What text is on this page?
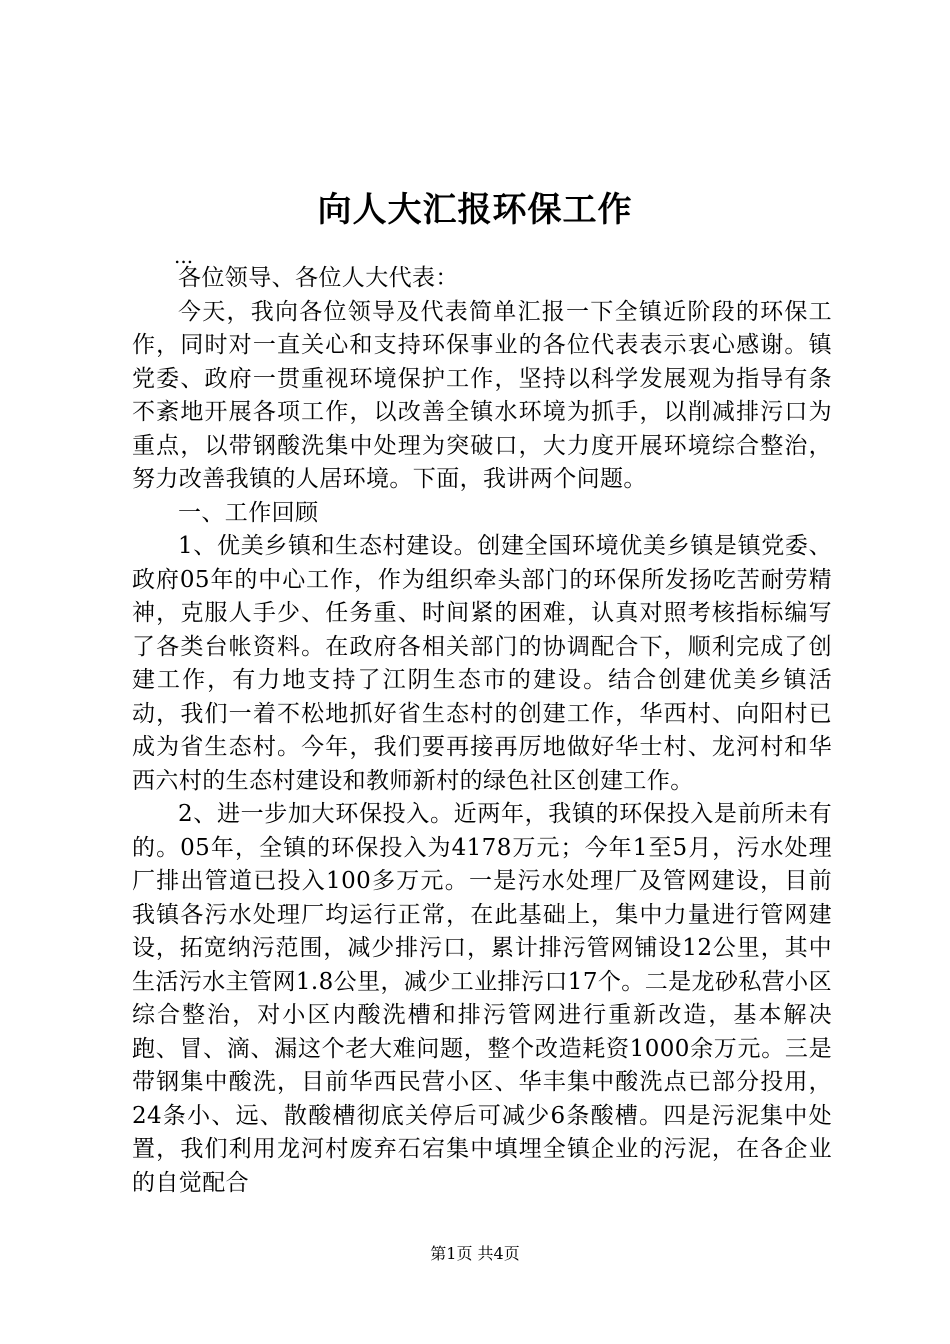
向人大汇报环保工作
...

各位领导、各位人大代表：

今天，我向各位领导及代表简单汇报一下全镇近阶段的环保工作，同时对一直关心和支持环保事业的各位代表表示衷心感谢。镇党委、政府一贯重视环境保护工作，坚持以科学发展观为指导有条不紊地开展各项工作，以改善全镇水环境为抓手，以削减排污口为重点，以带钢酸洗集中处理为突破口，大力度开展环境综合整治，努力改善我镇的人居环境。下面，我讲两个问题。

一、工作回顾

1、优美乡镇和生态村建设。创建全国环境优美乡镇是镇党委、政府05年的中心工作，作为组织牵头部门的环保所发扬吃苦耐劳精神，克服人手少、任务重、时间紧的困难，认真对照考核指标编写了各类台帐资料。在政府各相关部门的协调配合下，顺利完成了创建工作，有力地支持了江阴生态市的建设。结合创建优美乡镇活动，我们一着不松地抓好省生态村的创建工作，华西村、向阳村已成为省生态村。今年，我们要再接再厉地做好华士村、龙河村和华西六村的生态村建设和教师新村的绿色社区创建工作。

2、进一步加大环保投入。近两年，我镇的环保投入是前所未有的。05年，全镇的环保投入为4178万元；今年1至5月，污水处理厂排出管道已投入100多万元。一是污水处理厂及管网建设，目前我镇各污水处理厂均运行正常，在此基础上，集中力量进行管网建设，拓宽纳污范围，减少排污口，累计排污管网铺设12公里，其中生活污水主管网1.8公里，减少工业排污口17个。二是龙砂私营小区综合整治，对小区内酸洗槽和排污管网进行重新改造，基本解决跑、冒、滴、漏这个老大难问题，整个改造耗资1000余万元。三是带钢集中酸洗，目前华西民营小区、华丰集中酸洗点已部分投用，24条小、远、散酸槽彻底关停后可减少6条酸槽。四是污泥集中处置，我们利用龙河村废弃石宕集中填埋全镇企业的污泥，在各企业的自觉配合

第1页 共4页
